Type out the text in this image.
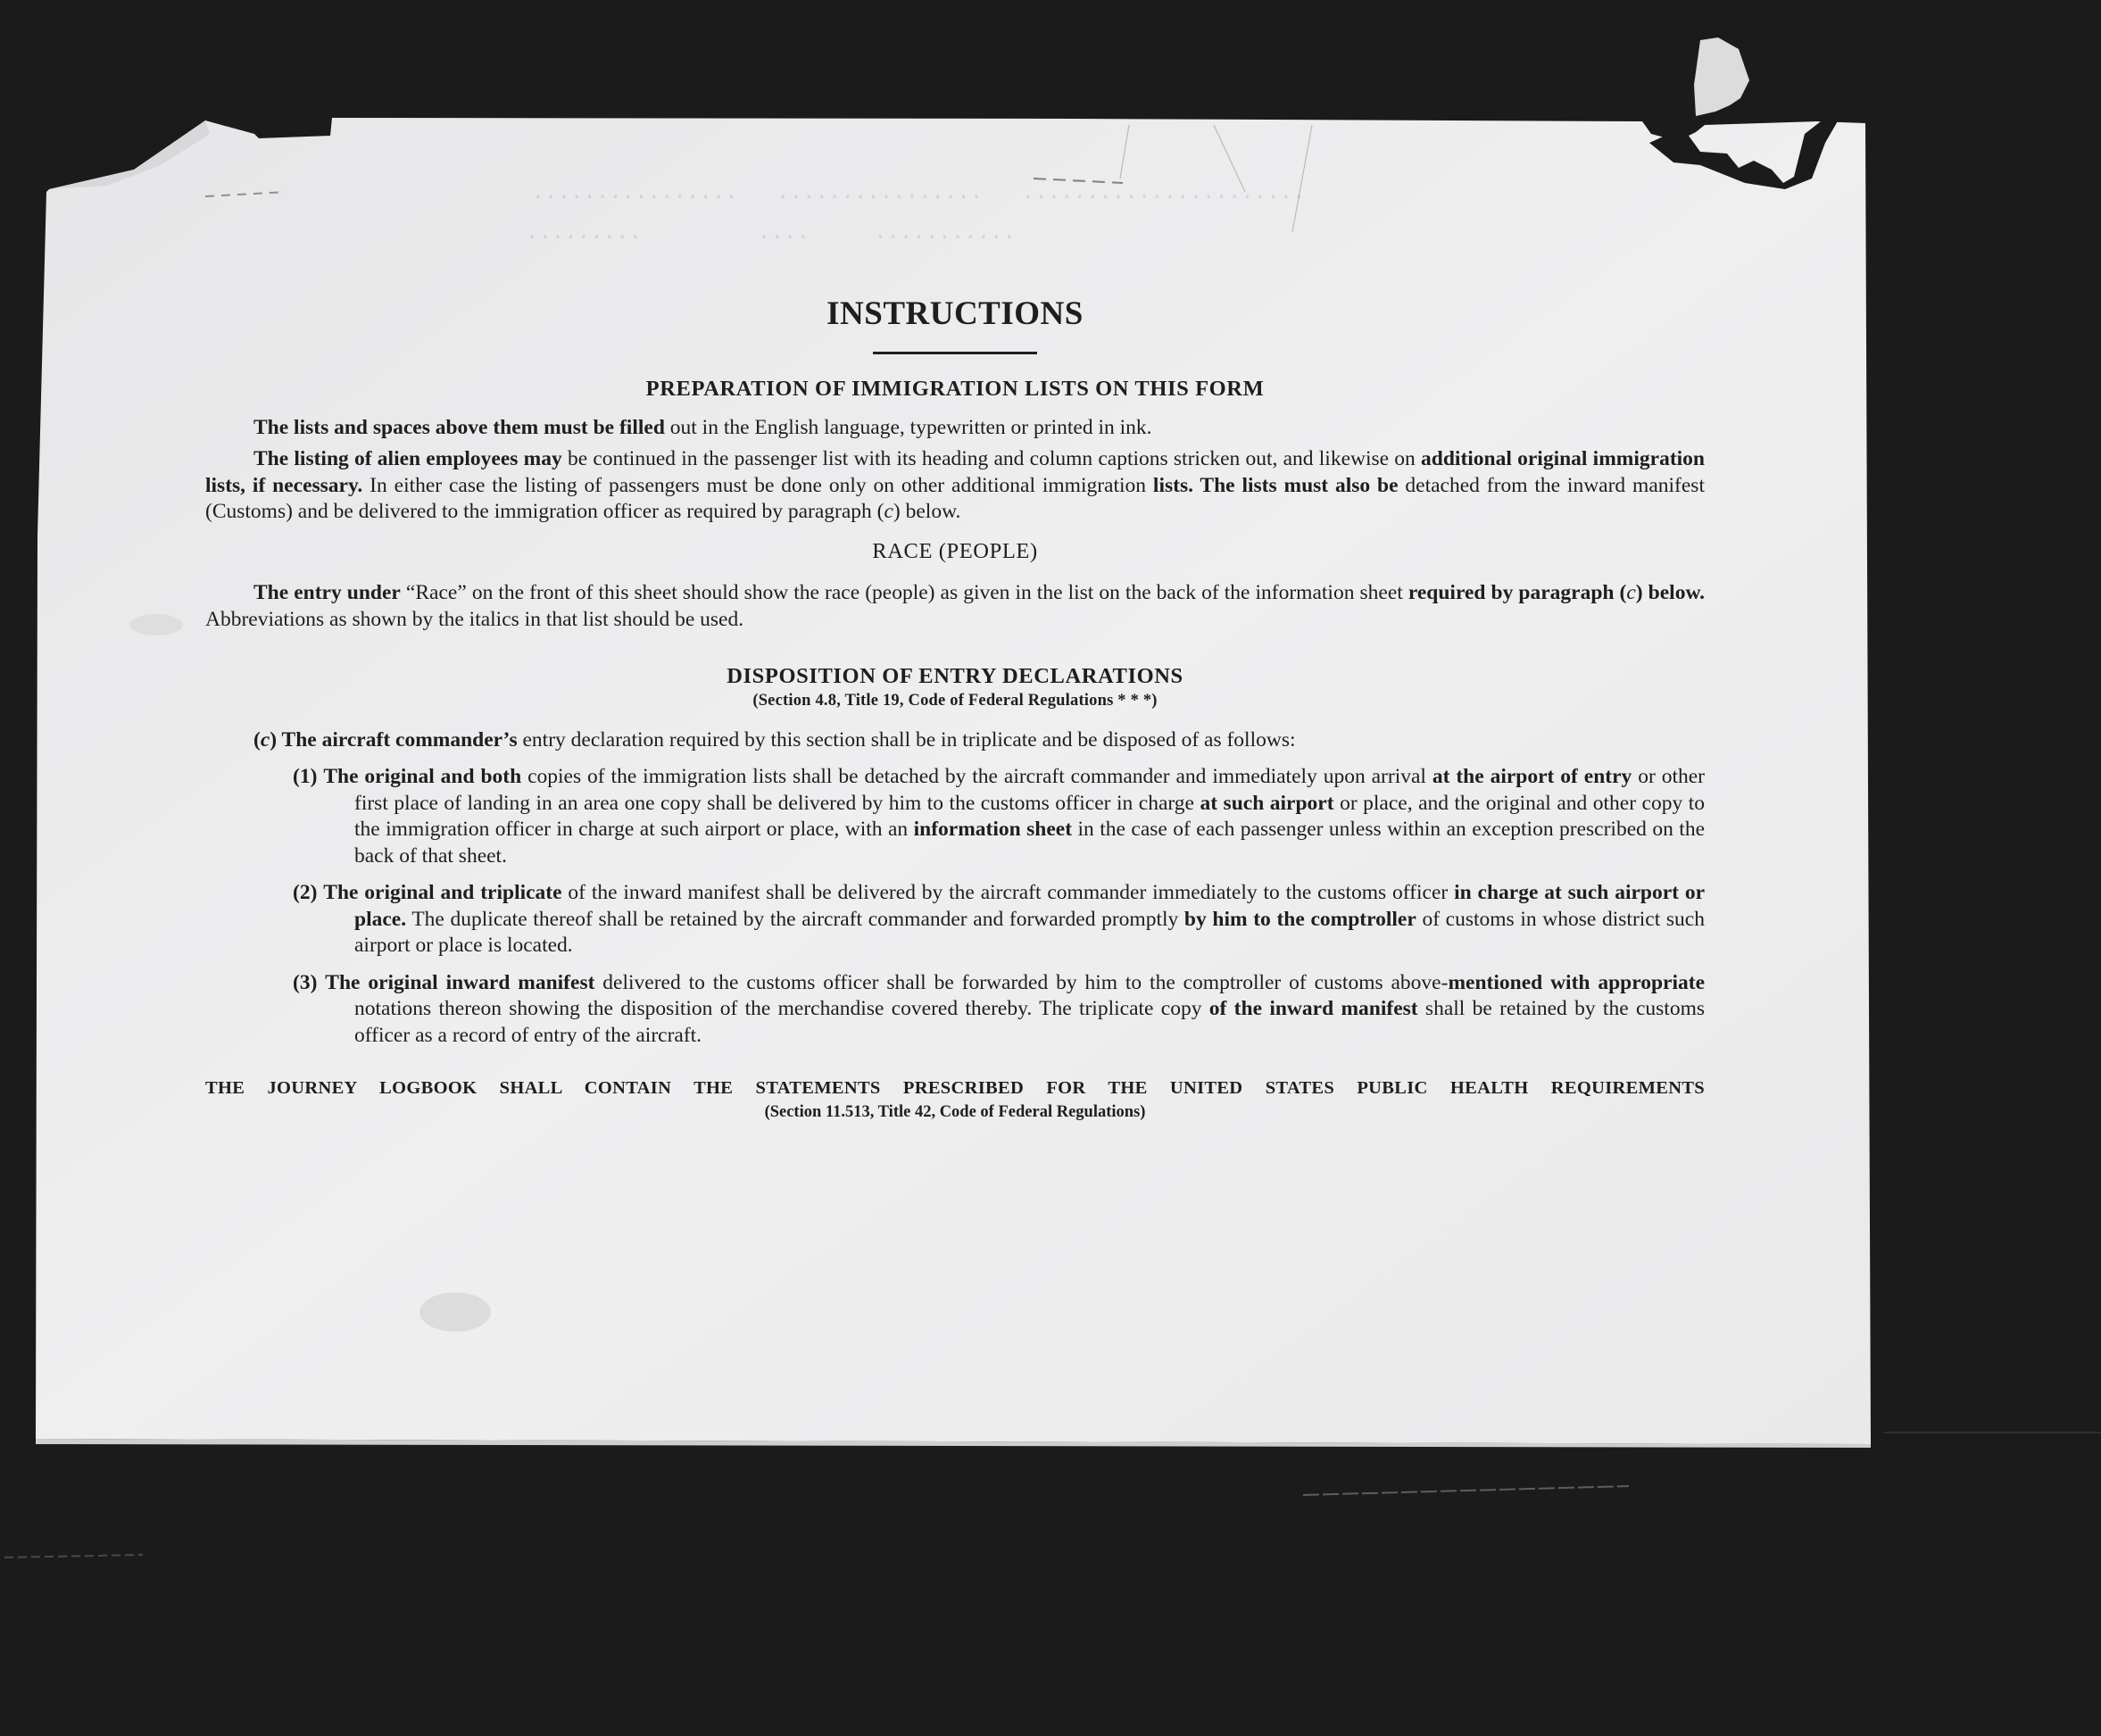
................   ................   ......................
.........         ....     ...........
INSTRUCTIONS
PREPARATION OF IMMIGRATION LISTS ON THIS FORM

The lists and spaces above them must be filled out in the English language, typewritten or printed in ink.

The listing of alien employees may be continued in the passenger list with its heading and column captions stricken out, and likewise on additional original immigration lists, if necessary. In either case the listing of passengers must be done only on other additional immigration lists. The lists must also be detached from the inward manifest (Customs) and be delivered to the immigration officer as required by paragraph (c) below.

RACE (PEOPLE)

The entry under “Race” on the front of this sheet should show the race (people) as given in the list on the back of the information sheet required by paragraph (c) below. Abbreviations as shown by the italics in that list should be used.

DISPOSITION OF ENTRY DECLARATIONS
(Section 4.8, Title 19, Code of Federal Regulations * * *)

(c) The aircraft commander’s entry declaration required by this section shall be in triplicate and be disposed of as follows:

(1) The original and both copies of the immigration lists shall be detached by the aircraft commander and immediately upon arrival at the airport of entry or other first place of landing in an area one copy shall be delivered by him to the customs officer in charge at such airport or place, and the original and other copy to the immigration officer in charge at such airport or place, with an information sheet in the case of each passenger unless within an exception prescribed on the back of that sheet.
(2) The original and triplicate of the inward manifest shall be delivered by the aircraft commander immediately to the customs officer in charge at such airport or place. The duplicate thereof shall be retained by the aircraft commander and forwarded promptly by him to the comptroller of customs in whose district such airport or place is located.
(3) The original inward manifest delivered to the customs officer shall be forwarded by him to the comptroller of customs above-mentioned with appropriate notations thereon showing the disposition of the merchandise covered thereby. The triplicate copy of the inward manifest shall be retained by the customs officer as a record of entry of the aircraft.
THE JOURNEY LOGBOOK SHALL CONTAIN THE STATEMENTS PRESCRIBED FOR THE UNITED STATES PUBLIC HEALTH REQUIREMENTS
(Section 11.513, Title 42, Code of Federal Regulations)
